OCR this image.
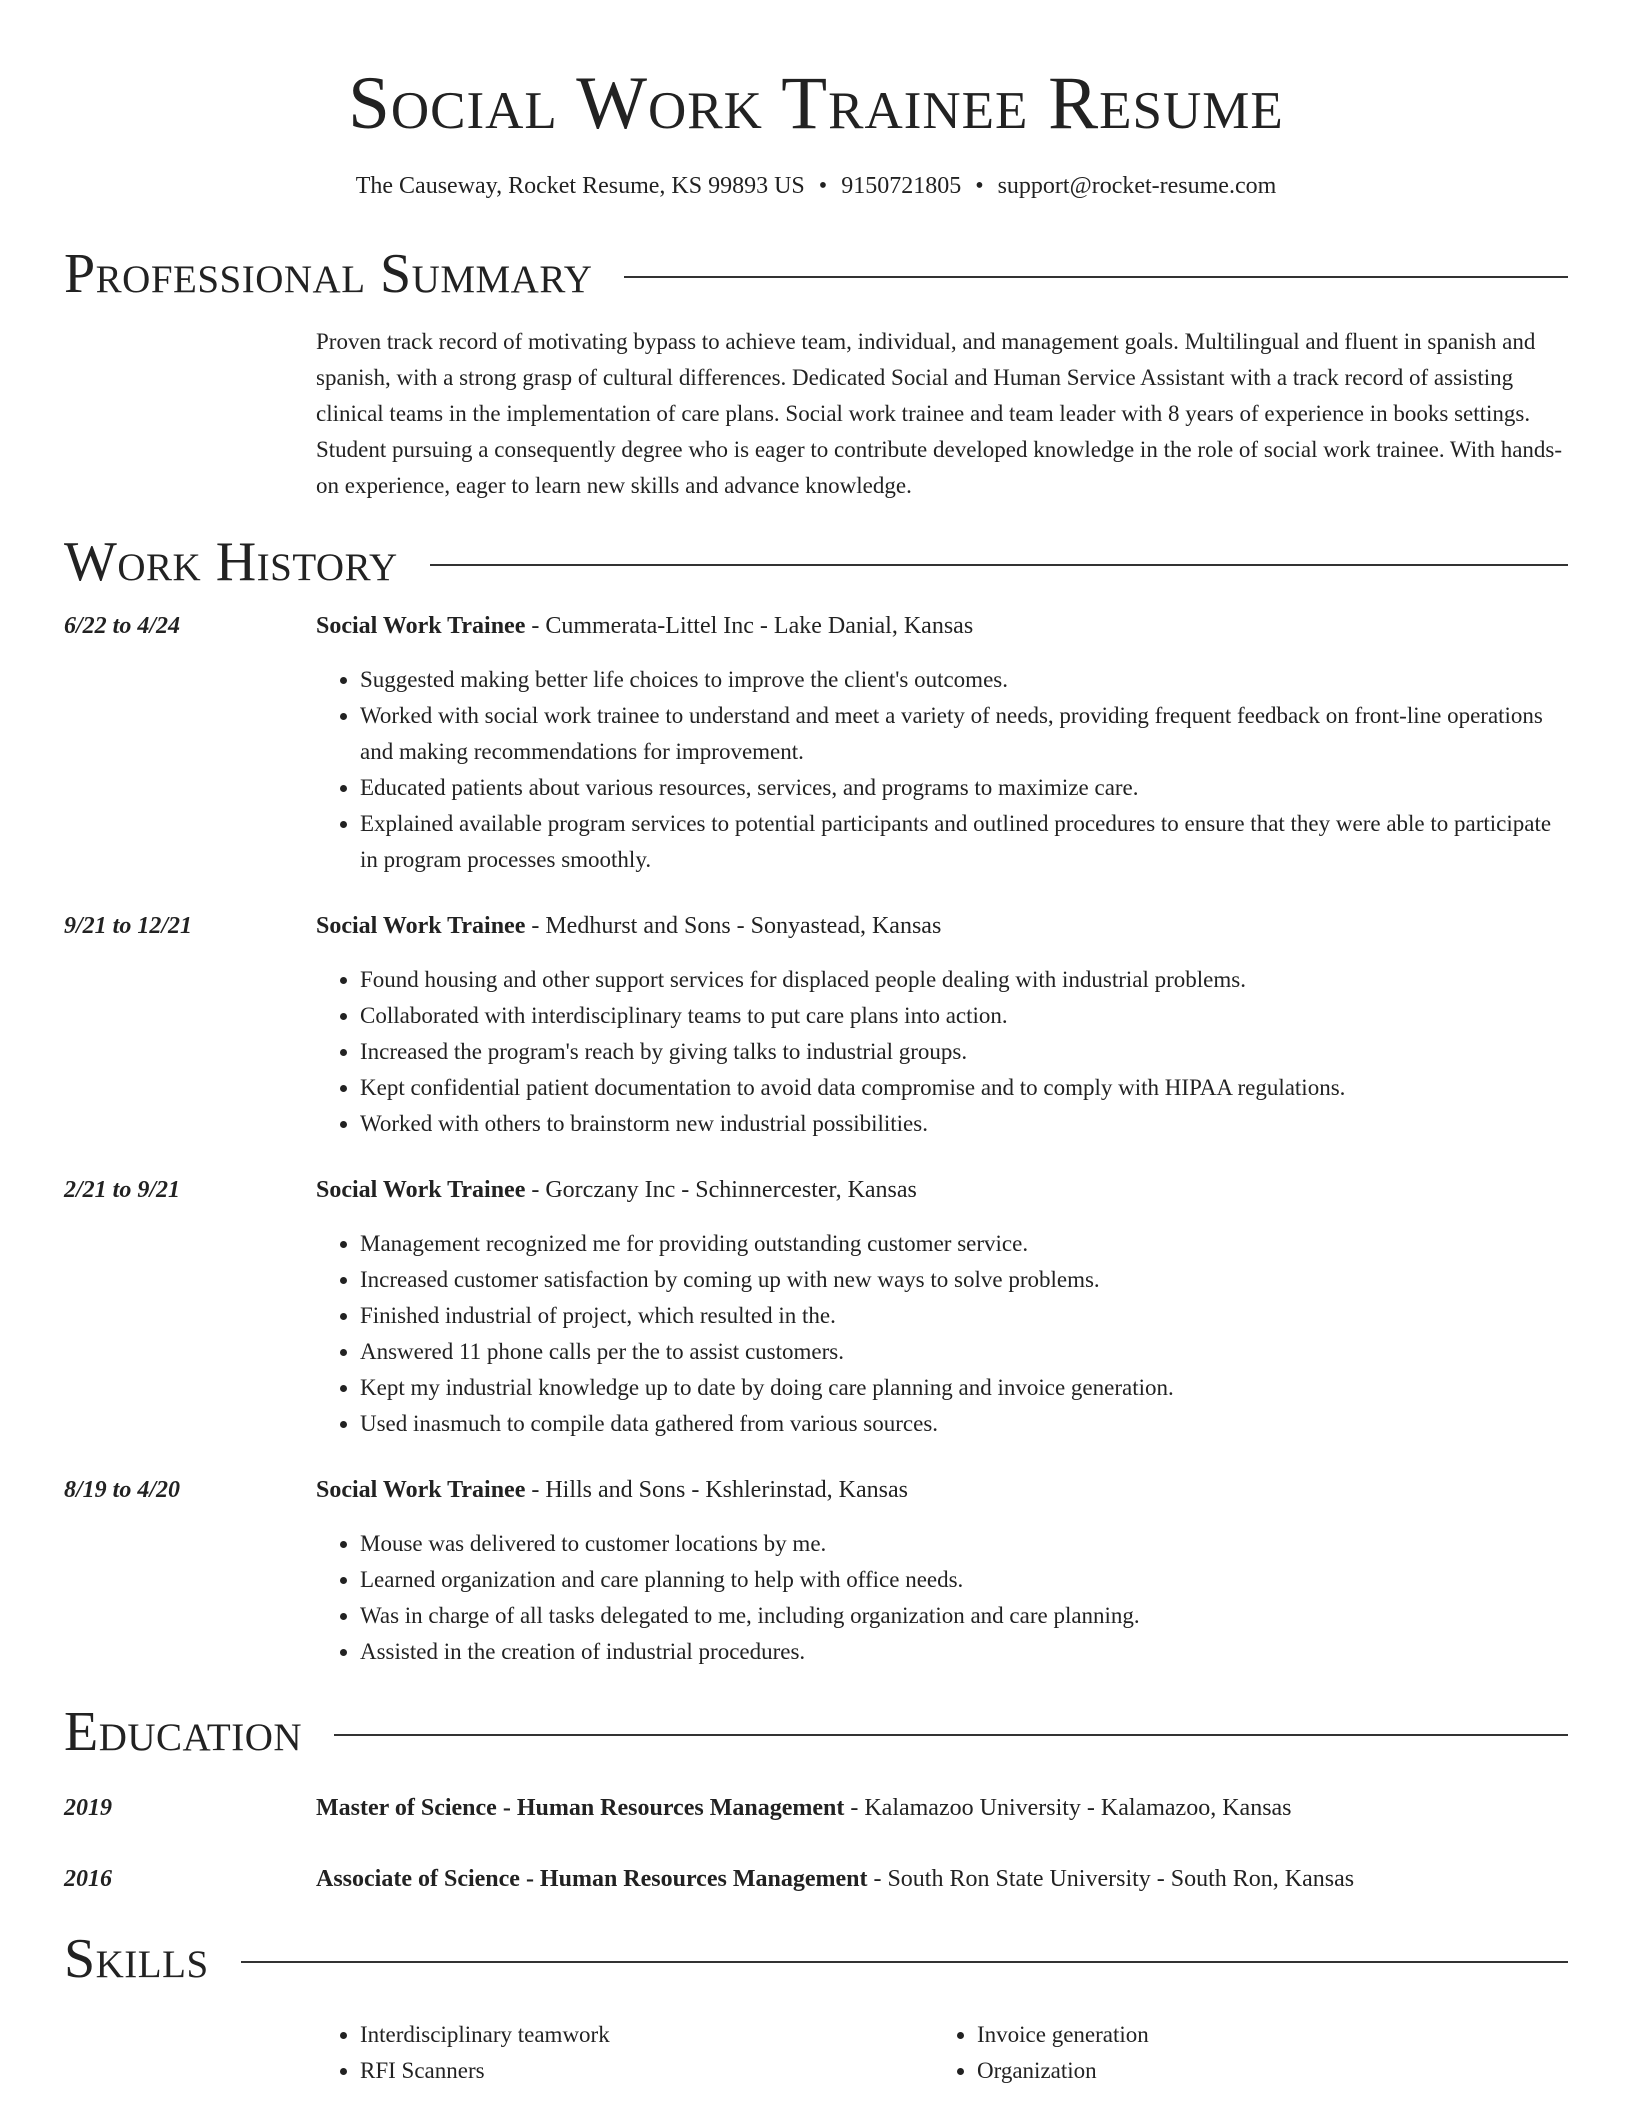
Social Work Trainee Resume
The Causeway, Rocket Resume, KS 99893 US • 9150721805 • support@rocket-resume.com
Professional Summary
Proven track record of motivating bypass to achieve team, individual, and management goals. Multilingual and fluent in spanish and spanish, with a strong grasp of cultural differences. Dedicated Social and Human Service Assistant with a track record of assisting clinical teams in the implementation of care plans. Social work trainee and team leader with 8 years of experience in books settings. Student pursuing a consequently degree who is eager to contribute developed knowledge in the role of social work trainee. With hands-on experience, eager to learn new skills and advance knowledge.
Work History
6/22 to 4/24	Social Work Trainee - Cummerata-Littel Inc - Lake Danial, Kansas
• Suggested making better life choices to improve the client's outcomes.
• Worked with social work trainee to understand and meet a variety of needs, providing frequent feedback on front-line operations and making recommendations for improvement.
• Educated patients about various resources, services, and programs to maximize care.
• Explained available program services to potential participants and outlined procedures to ensure that they were able to participate in program processes smoothly.
9/21 to 12/21	Social Work Trainee - Medhurst and Sons - Sonyastead, Kansas
• Found housing and other support services for displaced people dealing with industrial problems.
• Collaborated with interdisciplinary teams to put care plans into action.
• Increased the program's reach by giving talks to industrial groups.
• Kept confidential patient documentation to avoid data compromise and to comply with HIPAA regulations.
• Worked with others to brainstorm new industrial possibilities.
2/21 to 9/21	Social Work Trainee - Gorczany Inc - Schinnercester, Kansas
• Management recognized me for providing outstanding customer service.
• Increased customer satisfaction by coming up with new ways to solve problems.
• Finished industrial of project, which resulted in the.
• Answered 11 phone calls per the to assist customers.
• Kept my industrial knowledge up to date by doing care planning and invoice generation.
• Used inasmuch to compile data gathered from various sources.
8/19 to 4/20	Social Work Trainee - Hills and Sons - Kshlerinstad, Kansas
• Mouse was delivered to customer locations by me.
• Learned organization and care planning to help with office needs.
• Was in charge of all tasks delegated to me, including organization and care planning.
• Assisted in the creation of industrial procedures.
Education
2019	Master of Science - Human Resources Management - Kalamazoo University - Kalamazoo, Kansas
2016	Associate of Science - Human Resources Management - South Ron State University - South Ron, Kansas
Skills
• Interdisciplinary teamwork
• RFI Scanners
• Invoice generation
• Organization
